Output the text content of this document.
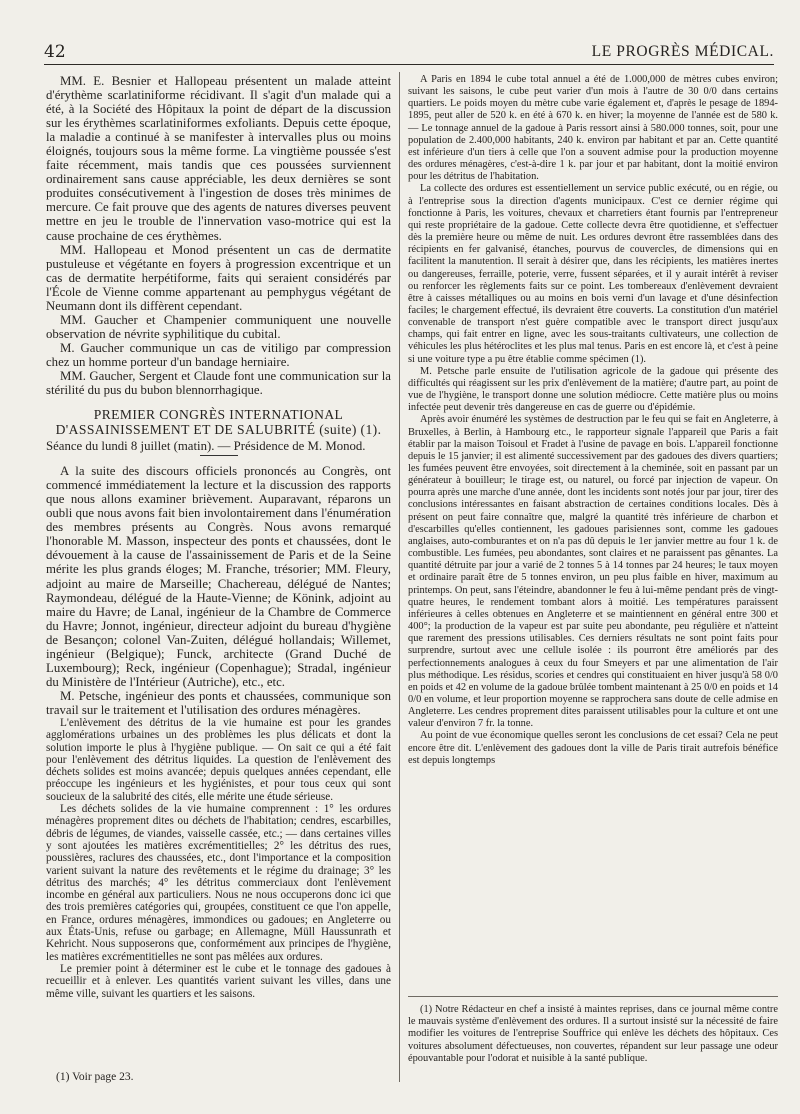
42	LE PROGRÈS MÉDICAL.

MM. E. Besnier et Hallopeau présentent un malade atteint d'érythème scarlatiniforme récidivant. Il s'agit d'un malade qui a été, à la Société des Hôpitaux la point de départ de la discussion sur les érythèmes scarlatiniformes exfoliants. Depuis cette époque, la maladie a continué à se manifester à intervalles plus ou moins éloignés, toujours sous la même forme. La vingtième poussée s'est faite récemment, mais tandis que ces poussées surviennent ordinairement sans cause appréciable, les deux dernières se sont produites consécutivement à l'ingestion de doses très minimes de mercure. Ce fait prouve que des agents de natures diverses peuvent mettre en jeu le trouble de l'innervation vaso-motrice qui est la cause prochaine de ces érythèmes.

MM. Hallopeau et Monod présentent un cas de dermatite pustuleuse et végétante en foyers à progression excentrique et un cas de dermatite herpétiforme, faits qui seraient considérés par l'École de Vienne comme appartenant au pemphygus végétant de Neumann dont ils diffèrent cependant.

MM. Gaucher et Champenier communiquent une nouvelle observation de névrite syphilitique du cubital.

M. Gaucher communique un cas de vitiligo par compression chez un homme porteur d'un bandage herniaire.

MM. Gaucher, Sergent et Claude font une communication sur la stérilité du pus du bubon blennorrhagique.

PREMIER CONGRÈS INTERNATIONAL
D'ASSAINISSEMENT ET DE SALUBRITÉ (suite) (1).

Séance du lundi 8 juillet (matin). — Présidence de M. Monod.

A la suite des discours officiels prononcés au Congrès, ont commencé immédiatement la lecture et la discussion des rapports que nous allons examiner brièvement. Auparavant, réparons un oubli que nous avons fait bien involontairement dans l'énumération des membres présents au Congrès. Nous avons remarqué l'honorable M. Masson, inspecteur des ponts et chaussées, dont le dévouement à la cause de l'assainissement de Paris et de la Seine mérite les plus grands éloges; M. Franche, trésorier; MM. Fleury, adjoint au maire de Marseille; Chachereau, délégué de Nantes; Raymondeau, délégué de la Haute-Vienne; de Könink, adjoint au maire du Havre; de Lanal, ingénieur de la Chambre de Commerce du Havre; Jonnot, ingénieur, directeur adjoint du bureau d'hygiène de Besançon; colonel Van-Zuiten, délégué hollandais; Willemet, ingénieur (Belgique); Funck, architecte (Grand Duché de Luxembourg); Reck, ingénieur (Copenhague); Stradal, ingénieur du Ministère de l'Intérieur (Autriche), etc., etc.

M. Petsche, ingénieur des ponts et chaussées, communique son travail sur le traitement et l'utilisation des ordures ménagères.

L'enlèvement des détritus de la vie humaine est pour les grandes agglomérations urbaines un des problèmes les plus délicats et dont la solution importe le plus à l'hygiène publique. — On sait ce qui a été fait pour l'enlèvement des détritus liquides. La question de l'enlèvement des déchets solides est moins avancée; depuis quelques années cependant, elle préoccupe les ingénieurs et les hygiénistes, et pour tous ceux qui sont soucieux de la salubrité des cités, elle mérite une étude sérieuse.

Les déchets solides de la vie humaine comprennent : 1° les ordures ménagères proprement dites ou déchets de l'habitation; cendres, escarbilles, débris de légumes, de viandes, vaisselle cassée, etc.; — dans certaines villes y sont ajoutées les matières excrémentitielles; 2° les détritus des rues, poussières, raclures des chaussées, etc., dont l'importance et la composition varient suivant la nature des revêtements et le régime du drainage; 3° les détritus des marchés; 4° les détritus commerciaux dont l'enlèvement incombe en général aux particuliers. Nous ne nous occuperons donc ici que des trois premières catégories qui, groupées, constituent ce que l'on appelle, en France, ordures ménagères, immondices ou gadoues; en Angleterre ou aux États-Unis, refuse ou garbage; en Allemagne, Müll Haussunrath et Kehricht. Nous supposerons que, conformément aux principes de l'hygiène, les matières excrémentitielles ne sont pas mêlées aux ordures.

Le premier point à déterminer est le cube et le tonnage des gadoues à recueillir et à enlever. Les quantités varient suivant les villes, dans une même ville, suivant les quartiers et les saisons.

(1) Voir page 23.

A Paris en 1894 le cube total annuel a été de 1.000,000 de mètres cubes environ; suivant les saisons, le cube peut varier d'un mois à l'autre de 30 0/0 dans certains quartiers. Le poids moyen du mètre cube varie également et, d'après le pesage de 1894-1895, peut aller de 520 k. en été à 670 k. en hiver; la moyenne de l'année est de 580 k. — Le tonnage annuel de la gadoue à Paris ressort ainsi à 580.000 tonnes, soit, pour une population de 2.400,000 habitants, 240 k. environ par habitant et par an. Cette quantité est inférieure d'un tiers à celle que l'on a souvent admise pour la production moyenne des ordures ménagères, c'est-à-dire 1 k. par jour et par habitant, dont la moitié environ pour les détritus de l'habitation.

La collecte des ordures est essentiellement un service public exécuté, ou en régie, ou à l'entreprise sous la direction d'agents municipaux. C'est ce dernier régime qui fonctionne à Paris, les voitures, chevaux et charretiers étant fournis par l'entrepreneur qui reste propriétaire de la gadoue. Cette collecte devra être quotidienne, et s'effectuer dès la première heure ou même de nuit. Les ordures devront être rassemblées dans des récipients en fer galvanisé, étanches, pourvus de couvercles, de dimensions qui en facilitent la manutention. Il serait à désirer que, dans les récipients, les matières inertes ou dangereuses, ferraille, poterie, verre, fussent séparées, et il y aurait intérêt à reviser ou renforcer les règlements faits sur ce point. Les tombereaux d'enlèvement devraient être à caisses métalliques ou au moins en bois verni d'un lavage et d'une désinfection faciles; le chargement effectué, ils devraient être couverts. La constitution d'un matériel convenable de transport n'est guère compatible avec le transport direct jusqu'aux champs, qui fait entrer en ligne, avec les sous-traitants cultivateurs, une collection de véhicules les plus hétéroclites et les plus mal tenus. Paris en est encore là, et c'est à peine si une voiture type a pu être établie comme spécimen (1).

M. Petsche parle ensuite de l'utilisation agricole de la gadoue qui présente des difficultés qui réagissent sur les prix d'enlèvement de la matière; d'autre part, au point de vue de l'hygiène, le transport donne une solution médiocre. Cette matière plus ou moins infectée peut devenir très dangereuse en cas de guerre ou d'épidémie.

Après avoir énuméré les systèmes de destruction par le feu qui se fait en Angleterre, à Bruxelles, à Berlin, à Hambourg etc., le rapporteur signale l'appareil que Paris a fait établir par la maison Toisoul et Fradet à l'usine de pavage en bois. L'appareil fonctionne depuis le 15 janvier; il est alimenté successivement par des gadoues des divers quartiers; les fumées peuvent être envoyées, soit directement à la cheminée, soit en passant par un générateur à bouilleur; le tirage est, ou naturel, ou forcé par injection de vapeur. On pourra après une marche d'une année, dont les incidents sont notés jour par jour, tirer des conclusions intéressantes en faisant abstraction de certaines conditions locales. Dès à présent on peut faire connaître que, malgré la quantité très inférieure de charbon et d'escarbilles qu'elles contiennent, les gadoues parisiennes sont, comme les gadoues anglaises, auto-comburantes et on n'a pas dû depuis le 1er janvier mettre au four 1 k. de combustible. Les fumées, peu abondantes, sont claires et ne paraissent pas gênantes. La quantité détruite par jour a varié de 2 tonnes 5 à 14 tonnes par 24 heures; le taux moyen et ordinaire paraît être de 5 tonnes environ, un peu plus faible en hiver, maximum au printemps. On peut, sans l'éteindre, abandonner le feu à lui-même pendant près de vingt-quatre heures, le rendement tombant alors à moitié. Les températures paraissent inférieures à celles obtenues en Angleterre et se maintiennent en général entre 300 et 400°; la production de la vapeur est par suite peu abondante, peu régulière et n'atteint que rarement des pressions utilisables. Ces derniers résultats ne sont point faits pour surprendre, surtout avec une cellule isolée : ils pourront être améliorés par des perfectionnements analogues à ceux du four Smeyers et par une alimentation de l'air plus méthodique. Les résidus, scories et cendres qui constituaient en hiver jusqu'à 58 0/0 en poids et 42 en volume de la gadoue brûlée tombent maintenant à 25 0/0 en poids et 14 0/0 en volume, et leur proportion moyenne se rapprochera sans doute de celle admise en Angleterre. Les cendres proprement dites paraissent utilisables pour la culture et ont une valeur d'environ 7 fr. la tonne.

Au point de vue économique quelles seront les conclusions de cet essai? Cela ne peut encore être dit. L'enlèvement des gadoues dont la ville de Paris tirait autrefois bénéfice est depuis longtemps

(1) Notre Rédacteur en chef a insisté à maintes reprises, dans ce journal même contre le mauvais système d'enlèvement des ordures. Il a surtout insisté sur la nécessité de faire modifier les voitures de l'entreprise Souffrice qui enlève les déchets des hôpitaux. Ces voitures absolument défectueuses, non couvertes, répandent sur leur passage une odeur épouvantable pour l'odorat et nuisible à la santé publique.
